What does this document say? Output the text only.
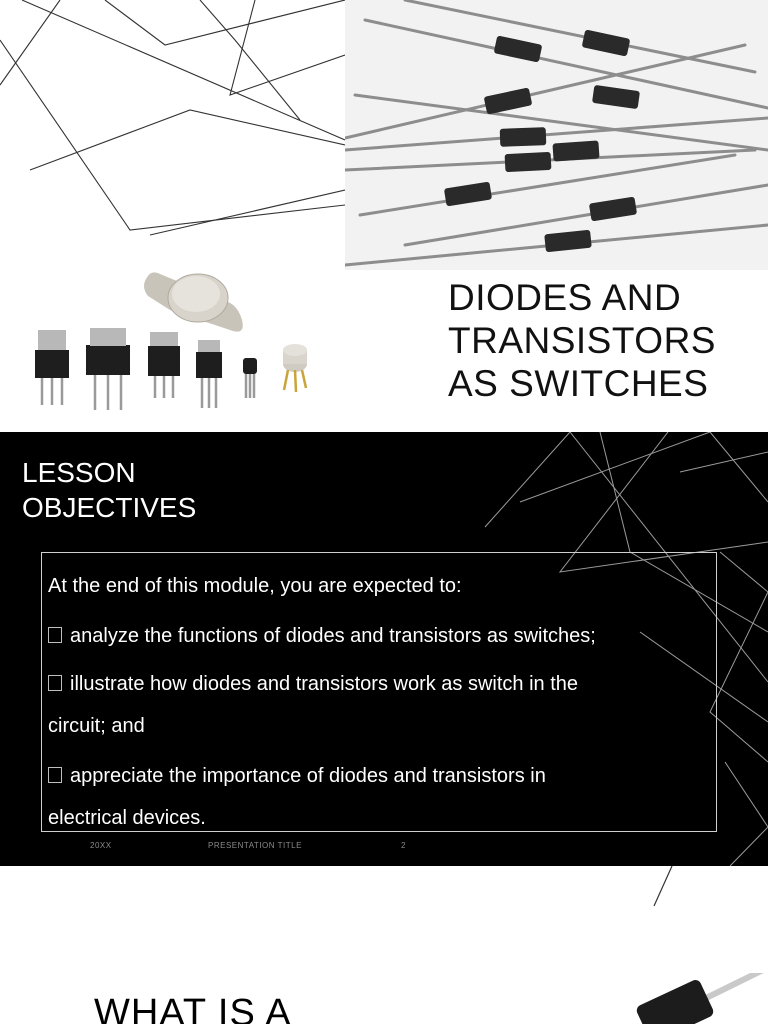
DIODES AND
TRANSISTORS
AS SWITCHES
LESSON
OBJECTIVES
At the end of this module, you are expected to:
analyze the functions of diodes and transistors as switches;
illustrate how diodes and transistors work as switch in the
circuit; and
appreciate the importance of diodes and transistors in
electrical devices.
20XX	PRESENTATION TITLE	2
WHAT IS A
